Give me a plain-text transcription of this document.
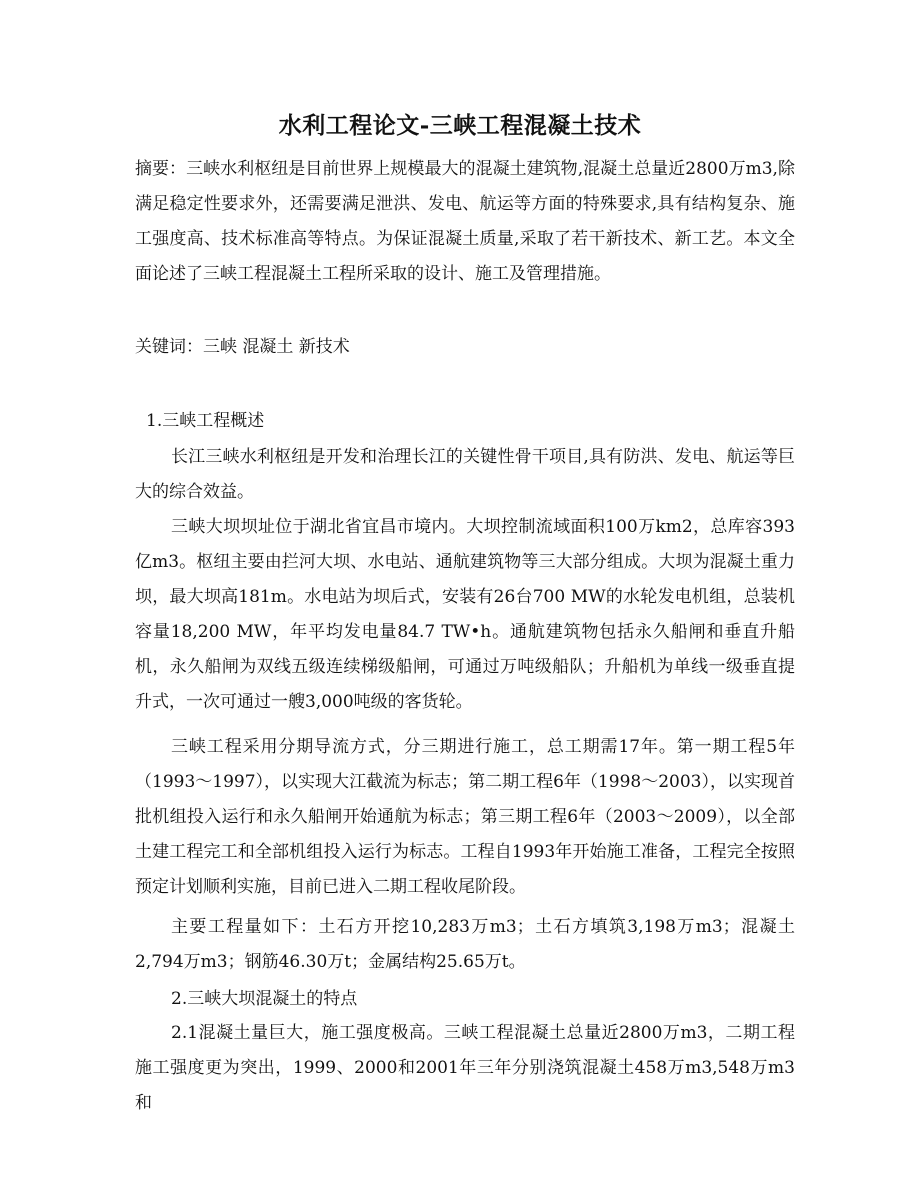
水利工程论文-三峡工程混凝土技术
摘要：三峡水利枢纽是目前世界上规模最大的混凝土建筑物,混凝土总量近2800万m3,除满足稳定性要求外，还需要满足泄洪、发电、航运等方面的特殊要求,具有结构复杂、施工强度高、技术标准高等特点。为保证混凝土质量,采取了若干新技术、新工艺。本文全面论述了三峡工程混凝土工程所采取的设计、施工及管理措施。
关键词：三峡 混凝土 新技术
1.三峡工程概述
长江三峡水利枢纽是开发和治理长江的关键性骨干项目,具有防洪、发电、航运等巨大的综合效益。
三峡大坝坝址位于湖北省宜昌市境内。大坝控制流域面积100万km2，总库容393亿m3。枢纽主要由拦河大坝、水电站、通航建筑物等三大部分组成。大坝为混凝土重力坝，最大坝高181m。水电站为坝后式，安装有26台700 MW的水轮发电机组，总装机容量18,200 MW，年平均发电量84.7 TW•h。通航建筑物包括永久船闸和垂直升船机，永久船闸为双线五级连续梯级船闸，可通过万吨级船队；升船机为单线一级垂直提升式，一次可通过一艘3,000吨级的客货轮。
三峡工程采用分期导流方式，分三期进行施工，总工期需17年。第一期工程5年（1993～1997），以实现大江截流为标志；第二期工程6年（1998～2003），以实现首批机组投入运行和永久船闸开始通航为标志；第三期工程6年（2003～2009），以全部土建工程完工和全部机组投入运行为标志。工程自1993年开始施工准备，工程完全按照预定计划顺利实施，目前已进入二期工程收尾阶段。
主要工程量如下：土石方开挖10,283万m3；土石方填筑3,198万m3；混凝土2,794万m3；钢筋46.30万t；金属结构25.65万t。
2.三峡大坝混凝土的特点
2.1混凝土量巨大，施工强度极高。三峡工程混凝土总量近2800万m3，二期工程施工强度更为突出，1999、2000和2001年三年分别浇筑混凝土458万m3,548万m3和
